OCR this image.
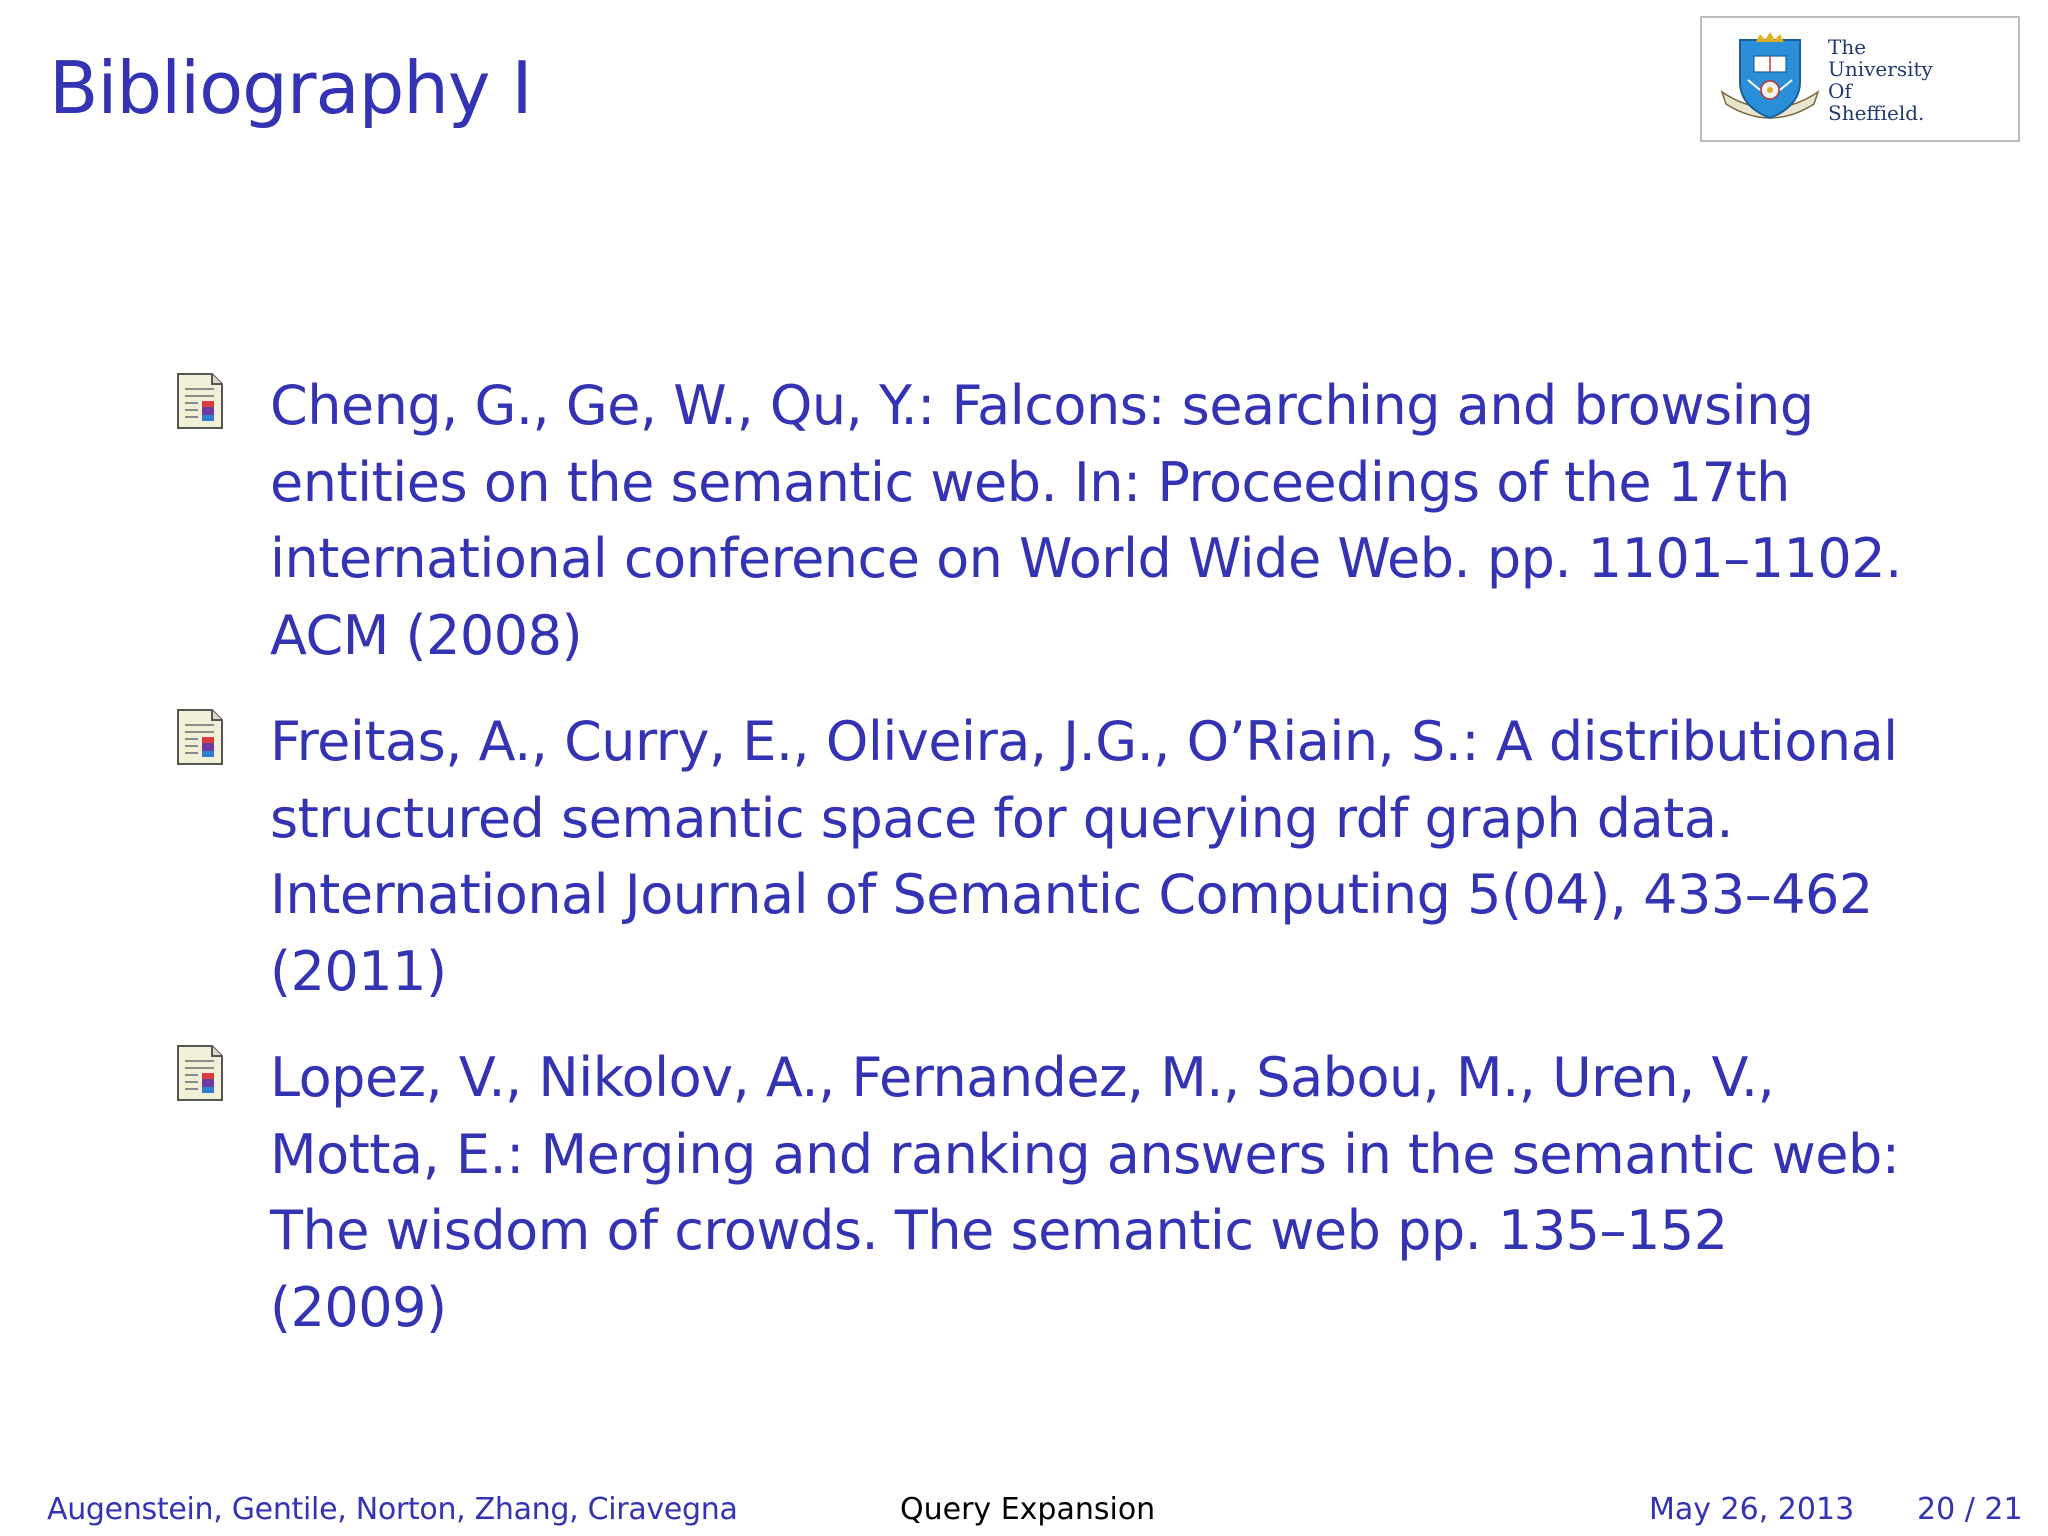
Bibliography I	The
University
Of
Sheffield.
Cheng, G., Ge, W., Qu, Y.: Falcons: searching and browsing entities on the semantic web. In: Proceedings of the 17th international conference on World Wide Web. pp. 1101–1102. ACM (2008)
Freitas, A., Curry, E., Oliveira, J.G., O’Riain, S.: A distributional structured semantic space for querying rdf graph data. International Journal of Semantic Computing 5(04), 433–462 (2011)
Lopez, V., Nikolov, A., Fernandez, M., Sabou, M., Uren, V., Motta, E.: Merging and ranking answers in the semantic web: The wisdom of crowds. The semantic web pp. 135–152 (2009)
Augenstein, Gentile, Norton, Zhang, Ciravegna	Query Expansion	May 26, 2013 20 / 21
